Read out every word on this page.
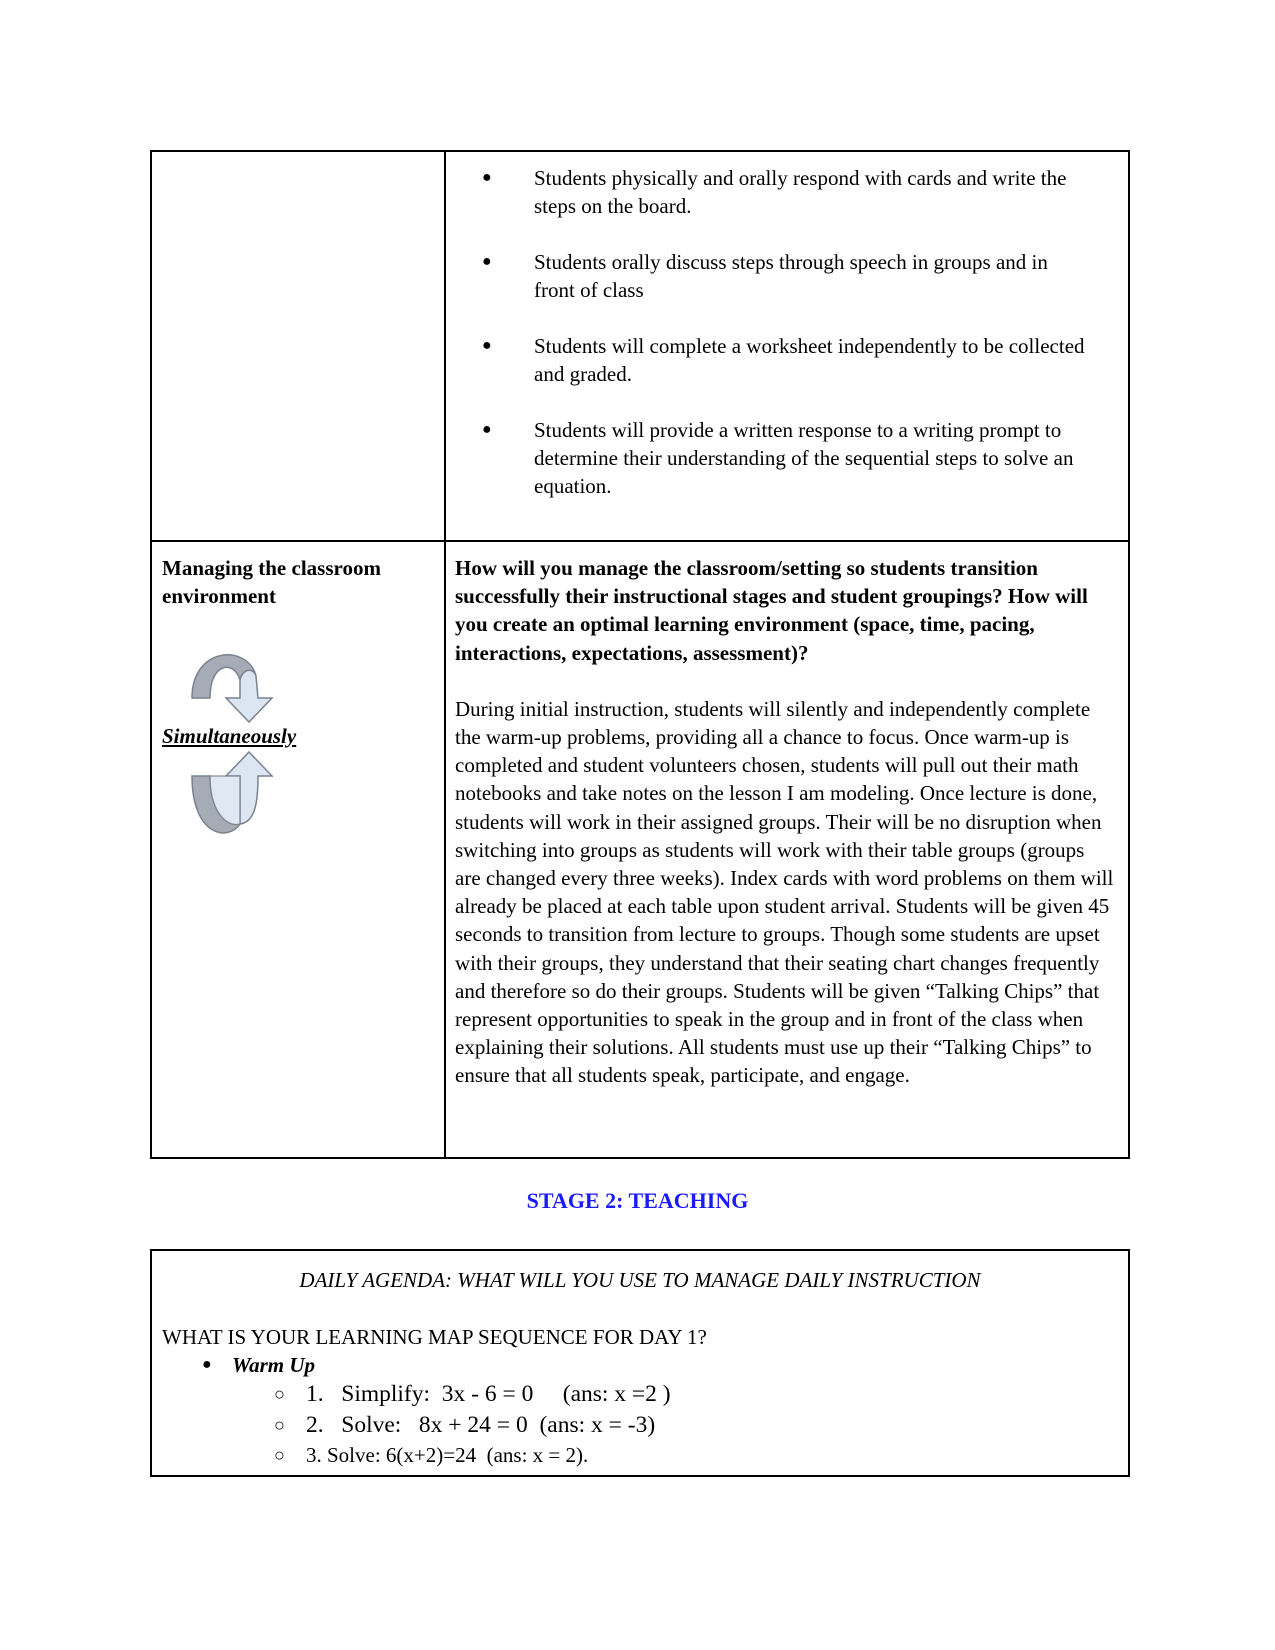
● Students physically and orally respond with cards and write the steps on the board.
● Students orally discuss steps through speech in groups and in front of class
● Students will complete a worksheet independently to be collected and graded.
● Students will provide a written response to a writing prompt to determine their understanding of the sequential steps to solve an equation.
Managing the classroom environment
Simultaneously
How will you manage the classroom/setting so students transition successfully their instructional stages and student groupings? How will you create an optimal learning environment (space, time, pacing, interactions, expectations, assessment)?
During initial instruction, students will silently and independently complete the warm-up problems, providing all a chance to focus. Once warm-up is completed and student volunteers chosen, students will pull out their math notebooks and take notes on the lesson I am modeling. Once lecture is done, students will work in their assigned groups. Their will be no disruption when switching into groups as students will work with their table groups (groups are changed every three weeks). Index cards with word problems on them will already be placed at each table upon student arrival. Students will be given 45 seconds to transition from lecture to groups. Though some students are upset with their groups, they understand that their seating chart changes frequently and therefore so do their groups. Students will be given “Talking Chips” that represent opportunities to speak in the group and in front of the class when explaining their solutions. All students must use up their “Talking Chips” to ensure that all students speak, participate, and engage.
STAGE 2: TEACHING
DAILY AGENDA: WHAT WILL YOU USE TO MANAGE DAILY INSTRUCTION
WHAT IS YOUR LEARNING MAP SEQUENCE FOR DAY 1?
● Warm Up
○ 1.   Simplify:  3x - 6 = 0     (ans: x =2 )
○ 2.   Solve:   8x + 24 = 0  (ans: x = -3)
○ 3. Solve: 6(x+2)=24  (ans: x = 2).
